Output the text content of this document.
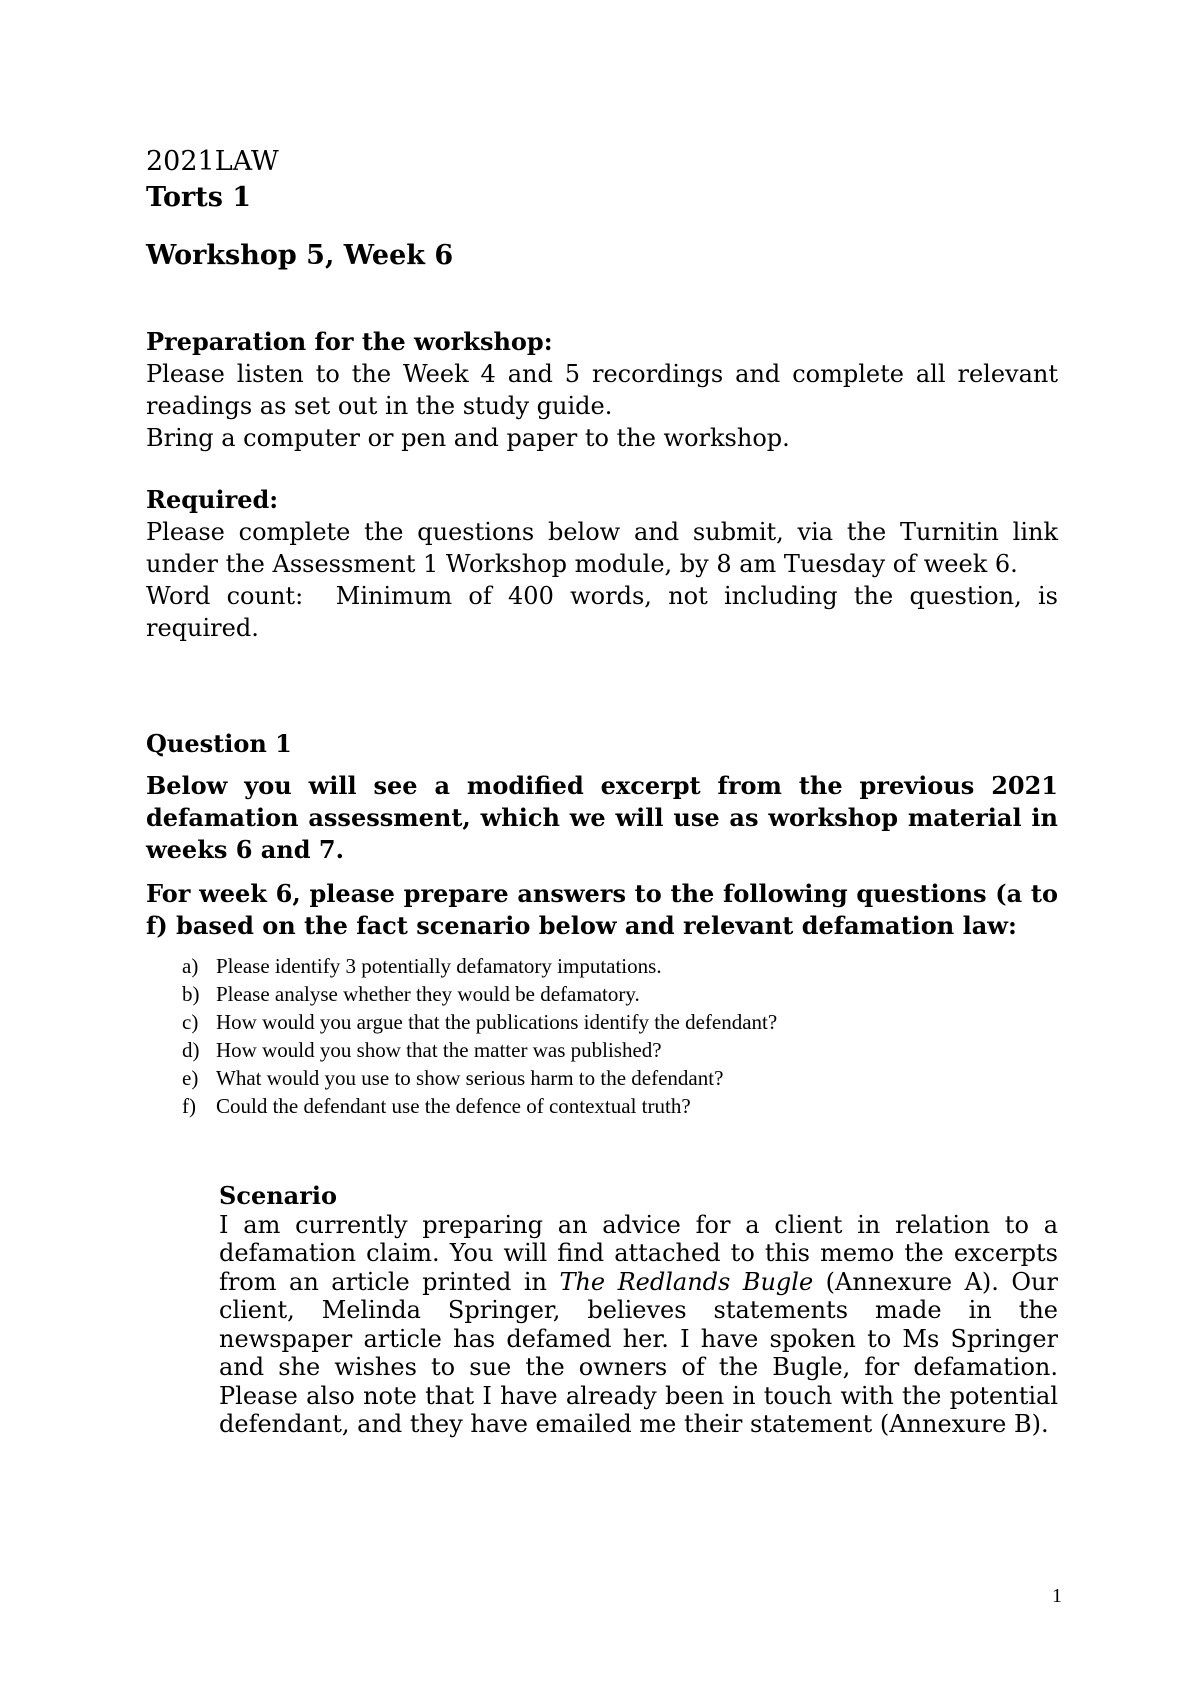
2021LAW
Torts 1
Workshop 5, Week 6
Preparation for the workshop:
Please listen to the Week 4 and 5 recordings and complete all relevant readings as set out in the study guide.
Bring a computer or pen and paper to the workshop.
Required:
Please complete the questions below and submit, via the Turnitin link under the Assessment 1 Workshop module, by 8 am Tuesday of week 6.
Word count: Minimum of 400 words, not including the question, is required.
Question 1
Below you will see a modified excerpt from the previous 2021 defamation assessment, which we will use as workshop material in weeks 6 and 7.
For week 6, please prepare answers to the following questions (a to f) based on the fact scenario below and relevant defamation law:
a) Please identify 3 potentially defamatory imputations.
b) Please analyse whether they would be defamatory.
c) How would you argue that the publications identify the defendant?
d) How would you show that the matter was published?
e) What would you use to show serious harm to the defendant?
f) Could the defendant use the defence of contextual truth?
Scenario
I am currently preparing an advice for a client in relation to a defamation claim. You will find attached to this memo the excerpts from an article printed in The Redlands Bugle (Annexure A). Our client, Melinda Springer, believes statements made in the newspaper article has defamed her. I have spoken to Ms Springer and she wishes to sue the owners of the Bugle, for defamation. Please also note that I have already been in touch with the potential defendant, and they have emailed me their statement (Annexure B).
1
